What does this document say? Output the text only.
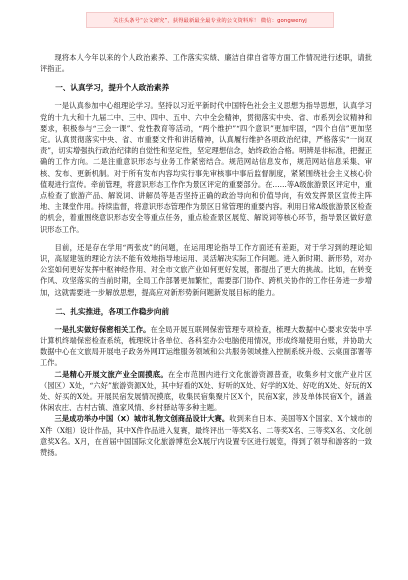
关注头条号“公文研究”，获得最新最全最专业的公文资料库！ 微信：gongwenyj

现将本人今年以来的个人政治素养、工作落实实绩、廉洁自律自省等方面工作情况进行述职，请批评指正。

一、认真学习，提升个人政治素养

一是认真参加中心组理论学习。坚持以习近平新时代中国特色社会主义思想为指导思想，认真学习党的十九大和十九届二中、三中、四中、五中、六中全会精神，贯彻落实中央、省、市系列会议精神和要求，积极参与“三会一课”、党性教育等活动，“两个维护”“四个意识”更加牢固，“四个自信”更加坚定。认真贯彻落实中央、省、市重要文件和讲话精神，认真履行维护各项政治纪律，严格落实“一岗双责”，切实增强执行政治纪律的自觉性和坚定性，坚定理想信念，始终政治合格。明辨是非标准，把握正确的工作方向。二是注重意识形态与业务工作紧密结合。规范网站信息发布，规范网站信息采集、审核、发布、更新机制。对于所有发布内容均实行事先审核事中事后监督制度，紧紧围绕社会主义核心价值观进行宣传。牵前管理，将意识形态工作作为景区评定的重要部分。在……等A级旅游景区评定中，重点检查了旅游产品、解说词、讲解员等是否坚持正确的政治导向和价值导向，有效发挥景区宣传主阵地、主课堂作用。持续监督，将意识形态管理作为景区日常管理的重要内容。利用日常A级旅游景区检查的机会，着重围绕意识形态安全等重点任务，重点检查景区展览、解说词等核心环节，指导景区做好意识形态工作。

目前，还是存在学用“两张皮”的问题，在运用理论指导工作方面还有差距，对于学习到的理论知识，高屋建瓴的理论方法不能有效地指导地运用、灵活解决实际工作问题。进入新时期、新形势，对办公室如何更好发挥中枢神经作用、对全市文旅产业如何更好发展，都提出了更大的挑战。比如，在转变作风、攻坚落实的当前时期，全局工作部署更加繁忙，需要部门协作、跨机关协作的工作任务进一步增加，这就需要进一步解放思想，提高应对新形势新问题新发展目标的能力。

二、扎实推进，各项工作稳步向前

一是扎实做好保密相关工作。在全局开展互联网保密管理专项检查，梳理大数据中心要求安装中孚计算机终端保密检查系统，梳理统计各单位、各科室办公电脑使用情况，形成终端使用台账，并协助大数据中心在文旅局开展电子政务外网IT运维服务领域和公共服务领域推入控制系统升级、云桌面部署等工作。

二是精心开展文旅产业全面摸底。在全市范围内进行文化旅游资源普查，收集乡村文旅产业片区（园区）X处，“六好”旅游资源X处，其中好看的X处、好听的X处、好学的X处、好吃的X处、好玩的X处、好买的X处。开展民宿发展情况摸底，收集民宿集聚片区X个，民宿X家，涉及单体民宿X个，涵盖休闲农庄、古村古镇、渔家风情、乡村驿站等多种主题。

三是成功举办中国（X）城市礼物文创商品设计大赛。收到来自日本、美国等X个国家、X个城市的X件（X组）设计作品，其中X件作品进入复赛，最终评出一等奖X名、二等奖X名、三等奖X名、文化创意奖X名。X月，在首届中国国际文化旅游博览会X展厅内设置专区进行展览，得到了领导和游客的一致赞扬。
